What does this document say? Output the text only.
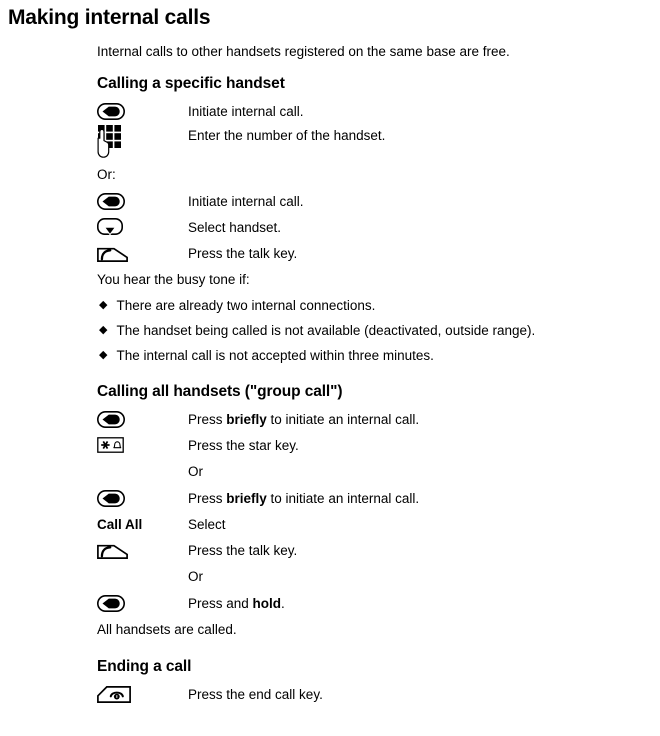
Making internal calls

Internal calls to other handsets registered on the same base are free.

Calling a specific handset
Initiate internal call.
Enter the number of the handset.
Or:
Initiate internal call.
Select handset.
Press the talk key.
You hear the busy tone if:
◆ There are already two internal connections.
◆ The handset being called is not available (deactivated, outside range).
◆ The internal call is not accepted within three minutes.
Calling all handsets ("group call")
Press briefly to initiate an internal call.
Press the star key.
Or
Press briefly to initiate an internal call.
Call All	Select
Press the talk key.
Or
Press and hold.
All handsets are called.
Ending a call
Press the end call key.
